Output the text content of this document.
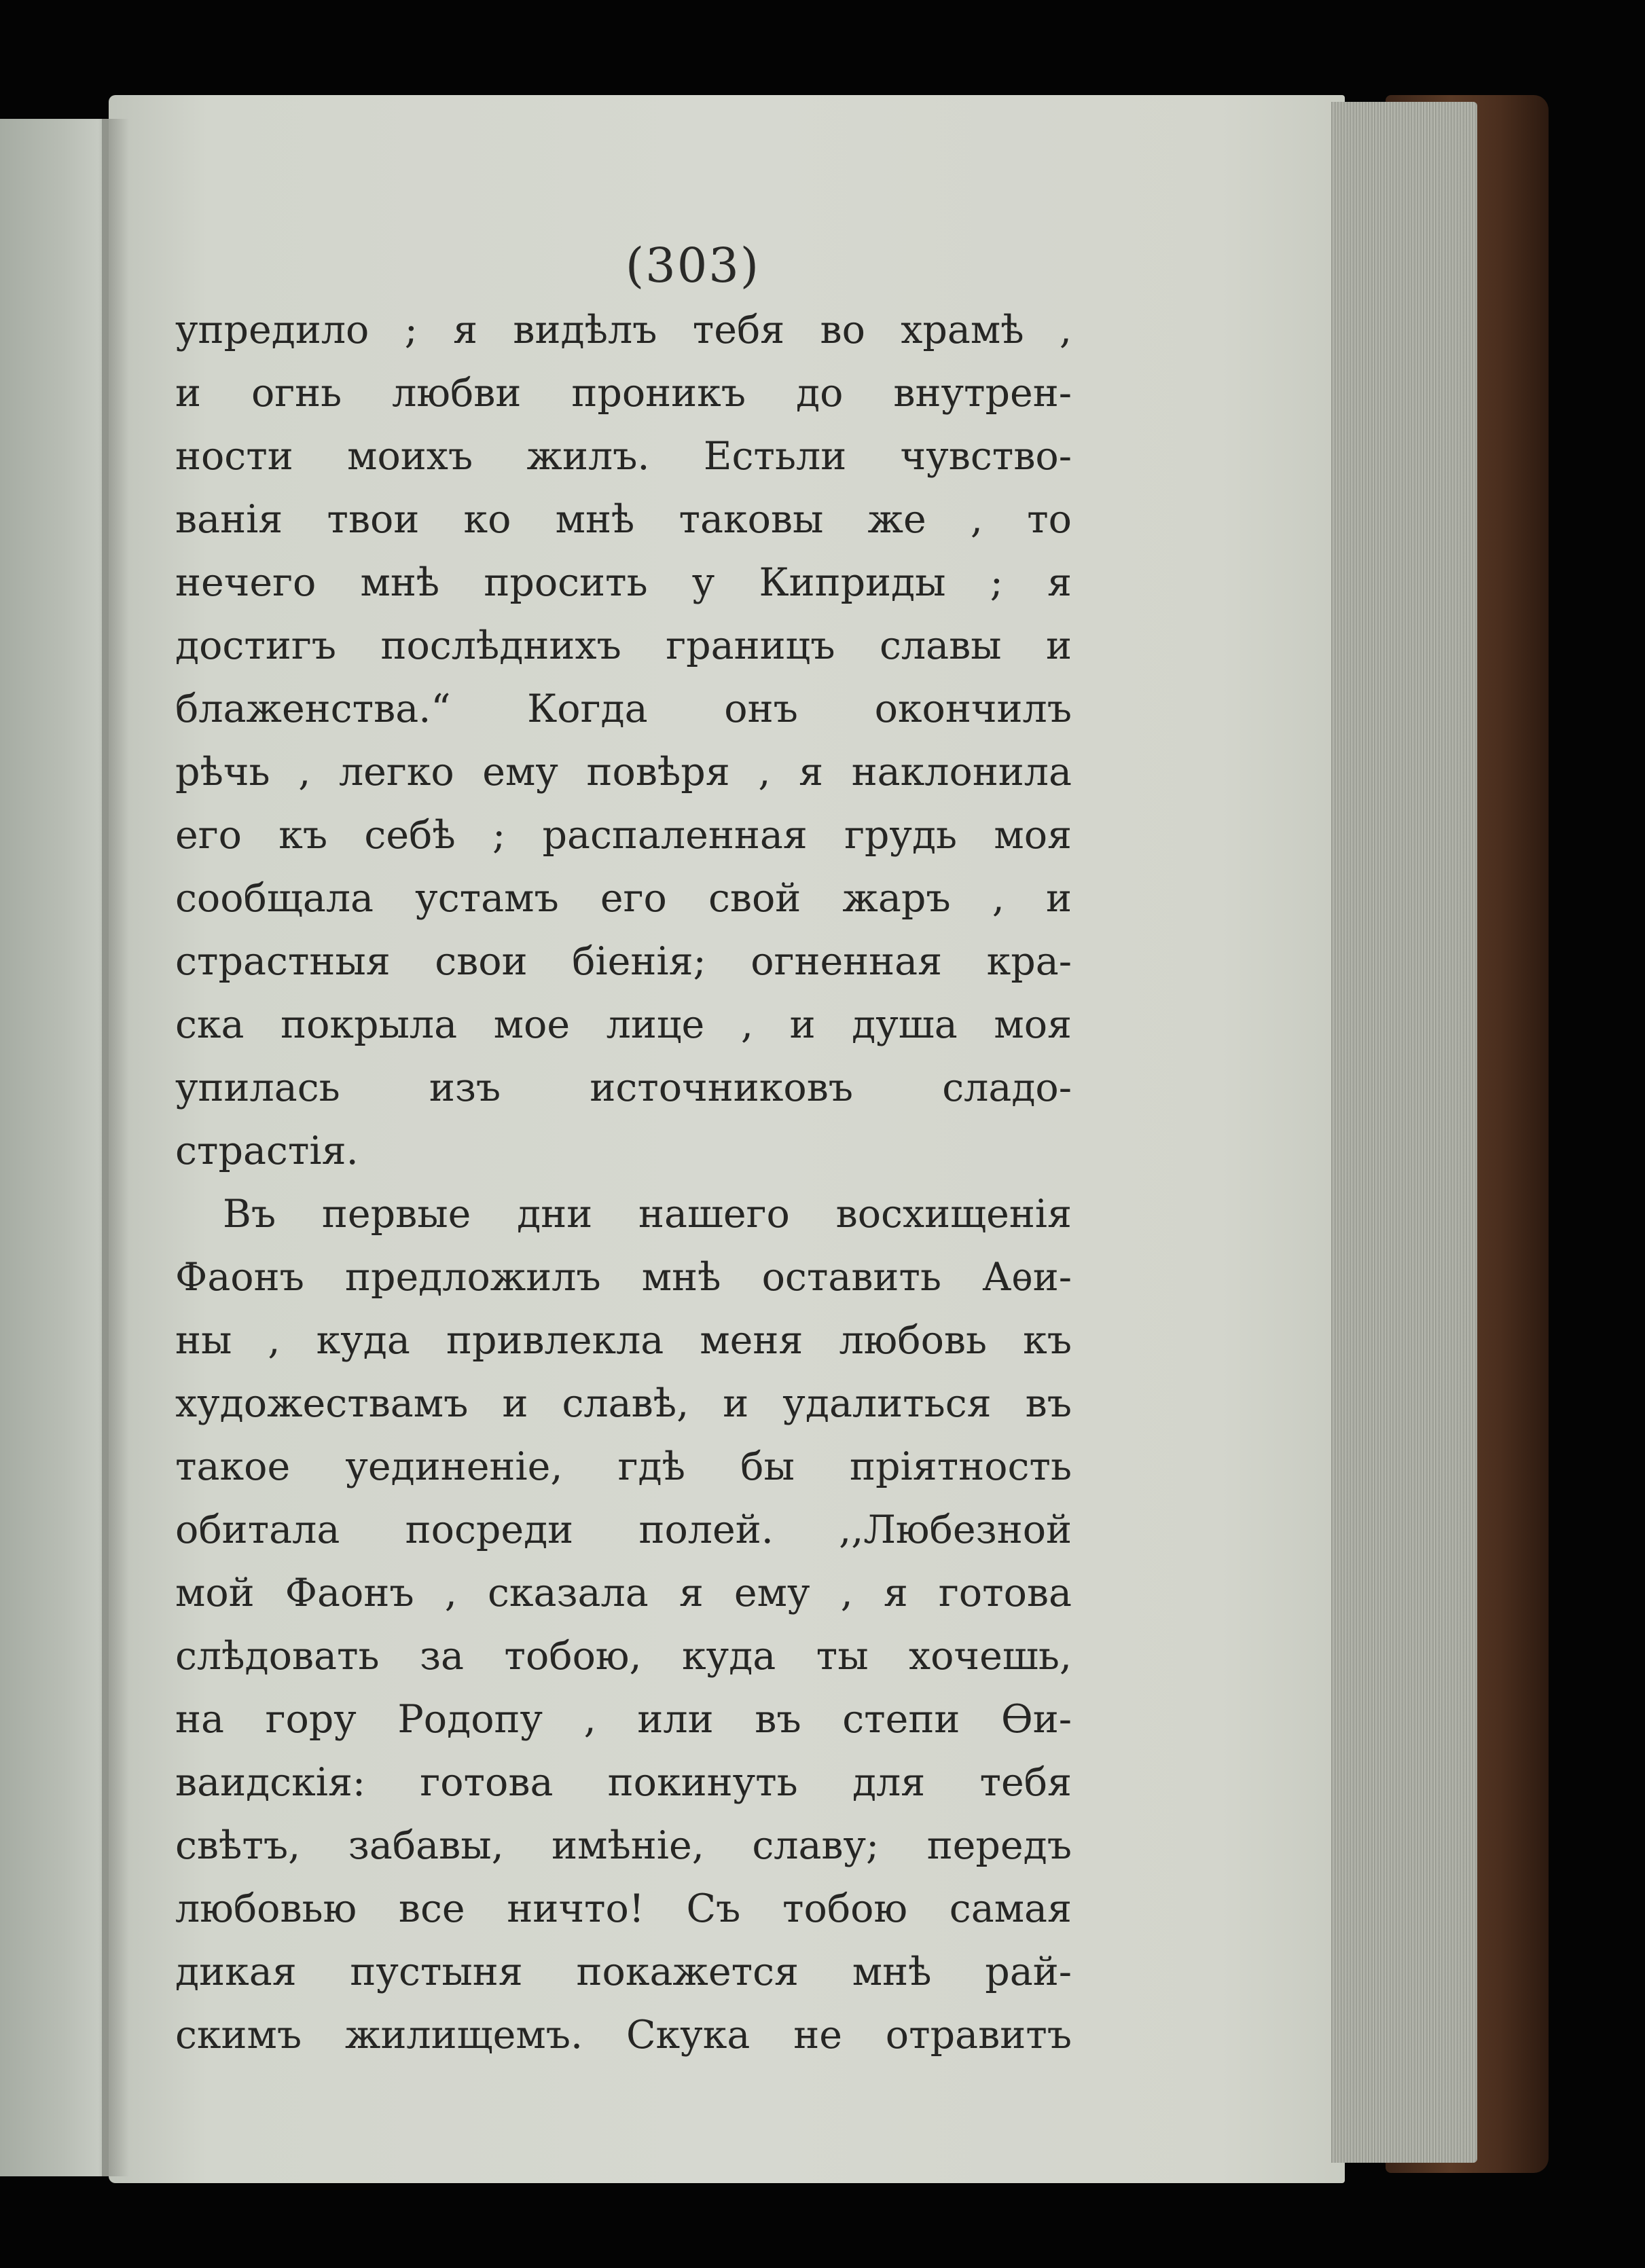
(303)
упредило ; я видѣлъ тебя во храмѣ ,
и огнь любви проникъ до внутрен-
ности моихъ жилъ. Естьли чувство-
ванія твои ко мнѣ таковы же , то
нечего мнѣ просить у Киприды ; я
достигъ послѣднихъ границъ славы и
блаженства.“ Когда онъ окончилъ
рѣчь , легко ему повѣря , я наклонила
его къ себѣ ; распаленная грудь моя
сообщала устамъ его свой жаръ , и
страстныя свои біенія; огненная кра-
ска покрыла мое лице , и душа моя
упилась изъ источниковъ сладо-
страстія.
Въ первые дни нашего восхищенія
Фаонъ предложилъ мнѣ оставить Аѳи-
ны , куда привлекла меня любовь къ
художествамъ и славѣ, и удалиться въ
такое уединеніе, гдѣ бы пріятность
обитала посреди полей. ,,Любезной
мой Фаонъ , сказала я ему , я готова
слѣдовать за тобою, куда ты хочешь,
на гору Родопу , или въ степи Ѳи-
ваидскія: готова покинуть для тебя
свѣтъ, забавы, имѣніе, славу; передъ
любовью все ничто! Съ тобою самая
дикая пустыня покажется мнѣ рай-
скимъ жилищемъ. Скука не отравитъ
